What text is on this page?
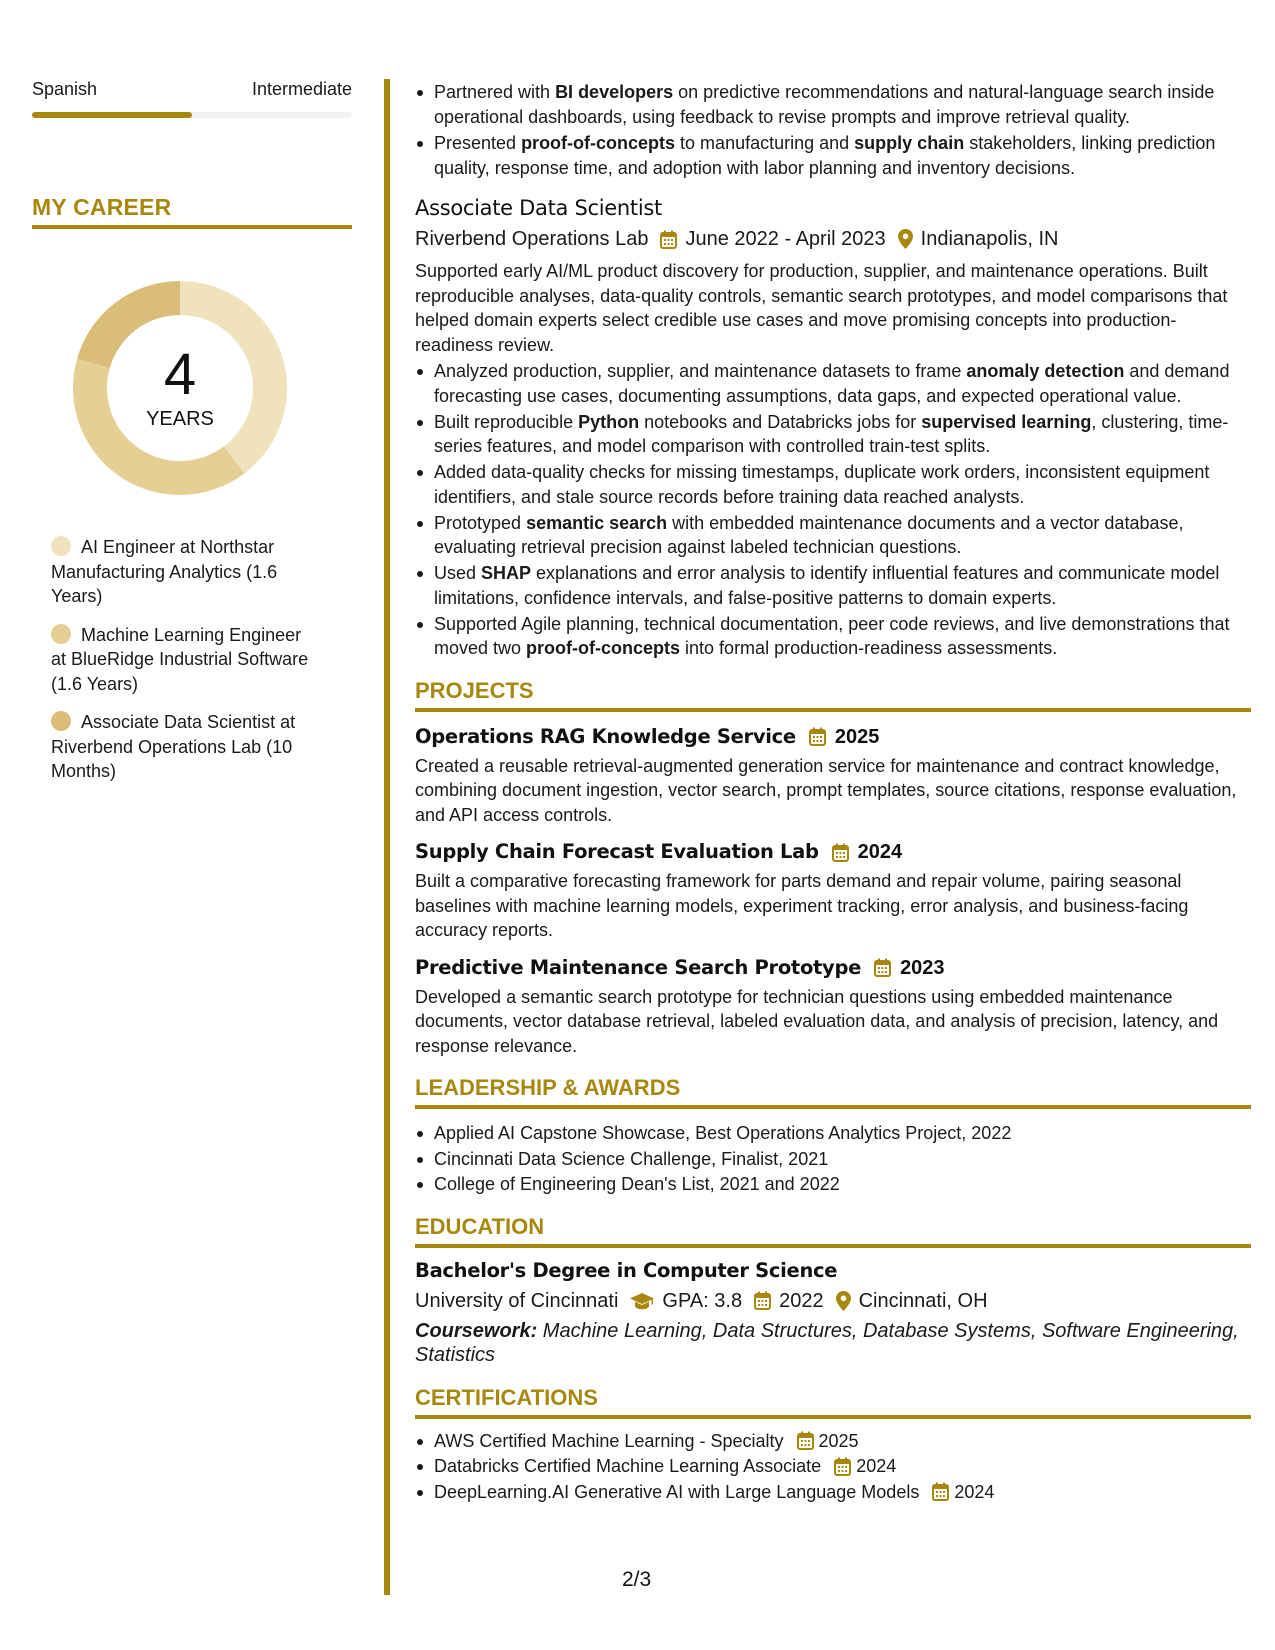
Spanish	Intermediate
MY CAREER
4
YEARS
AI Engineer at Northstar Manufacturing Analytics (1.6 Years)
Machine Learning Engineer at BlueRidge Industrial Software (1.6 Years)
Associate Data Scientist at Riverbend Operations Lab (10 Months)
Partnered with BI developers on predictive recommendations and natural-language search inside operational dashboards, using feedback to revise prompts and improve retrieval quality.
Presented proof-of-concepts to manufacturing and supply chain stakeholders, linking prediction quality, response time, and adoption with labor planning and inventory decisions.
Associate Data Scientist
Riverbend Operations Lab June 2022 - April 2023 Indianapolis, IN

Supported early AI/ML product discovery for production, supplier, and maintenance operations. Built reproducible analyses, data-quality controls, semantic search prototypes, and model comparisons that helped domain experts select credible use cases and move promising concepts into production-readiness review.

Analyzed production, supplier, and maintenance datasets to frame anomaly detection and demand forecasting use cases, documenting assumptions, data gaps, and expected operational value.
Built reproducible Python notebooks and Databricks jobs for supervised learning, clustering, time-series features, and model comparison with controlled train-test splits.
Added data-quality checks for missing timestamps, duplicate work orders, inconsistent equipment identifiers, and stale source records before training data reached analysts.
Prototyped semantic search with embedded maintenance documents and a vector database, evaluating retrieval precision against labeled technician questions.
Used SHAP explanations and error analysis to identify influential features and communicate model limitations, confidence intervals, and false-positive patterns to domain experts.
Supported Agile planning, technical documentation, peer code reviews, and live demonstrations that moved two proof-of-concepts into formal production-readiness assessments.
PROJECTS
Operations RAG Knowledge Service 2025

Created a reusable retrieval-augmented generation service for maintenance and contract knowledge, combining document ingestion, vector search, prompt templates, source citations, response evaluation, and API access controls.

Supply Chain Forecast Evaluation Lab 2024

Built a comparative forecasting framework for parts demand and repair volume, pairing seasonal baselines with machine learning models, experiment tracking, error analysis, and business-facing accuracy reports.

Predictive Maintenance Search Prototype 2023

Developed a semantic search prototype for technician questions using embedded maintenance documents, vector database retrieval, labeled evaluation data, and analysis of precision, latency, and response relevance.

LEADERSHIP & AWARDS
Applied AI Capstone Showcase, Best Operations Analytics Project, 2022
Cincinnati Data Science Challenge, Finalist, 2021
College of Engineering Dean's List, 2021 and 2022
EDUCATION
Bachelor's Degree in Computer Science
University of Cincinnati GPA: 3.8 2022 Cincinnati, OH
Coursework: Machine Learning, Data Structures, Database Systems, Software Engineering, Statistics
CERTIFICATIONS
AWS Certified Machine Learning - Specialty 2025
Databricks Certified Machine Learning Associate 2024
DeepLearning.AI Generative AI with Large Language Models 2024
2/3
